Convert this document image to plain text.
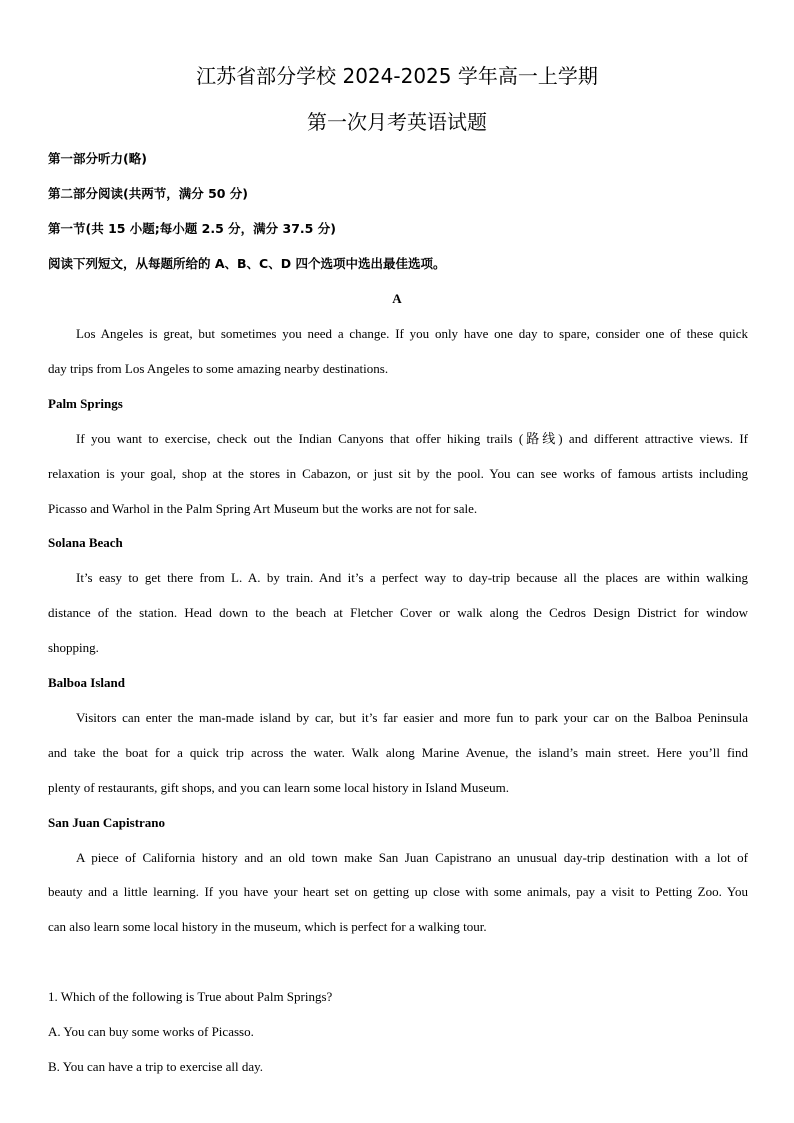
江苏省部分学校 2024-2025 学年高一上学期
第一次月考英语试题
第一部分听力(略)
第二部分阅读(共两节，满分 50 分)
第一节(共 15 小题;每小题 2.5 分，满分 37.5 分)
阅读下列短文，从每题所给的 A、B、C、D 四个选项中选出最佳选项。
A
Los Angeles is great, but sometimes you need a change. If you only have one day to spare, consider one of these quick
day trips from Los Angeles to some amazing nearby destinations.
Palm Springs
If you want to exercise, check out the Indian Canyons that offer hiking trails (路线) and different attractive views. If
relaxation is your goal, shop at the stores in Cabazon, or just sit by the pool. You can see works of famous artists including
Picasso and Warhol in the Palm Spring Art Museum but the works are not for sale.
Solana Beach
It’s easy to get there from L. A. by train. And it’s a perfect way to day-trip because all the places are within walking
distance of the station. Head down to the beach at Fletcher Cover or walk along the Cedros Design District for window
shopping.
Balboa Island
Visitors can enter the man-made island by car, but it’s far easier and more fun to park your car on the Balboa Peninsula
and take the boat for a quick trip across the water. Walk along Marine Avenue, the island’s main street. Here you’ll find
plenty of restaurants, gift shops, and you can learn some local history in Island Museum.
San Juan Capistrano
A piece of California history and an old town make San Juan Capistrano an unusual day-trip destination with a lot of
beauty and a little learning. If you have your heart set on getting up close with some animals, pay a visit to Petting Zoo. You
can also learn some local history in the museum, which is perfect for a walking tour.
1. Which of the following is True about Palm Springs?
A. You can buy some works of Picasso.
B. You can have a trip to exercise all day.
